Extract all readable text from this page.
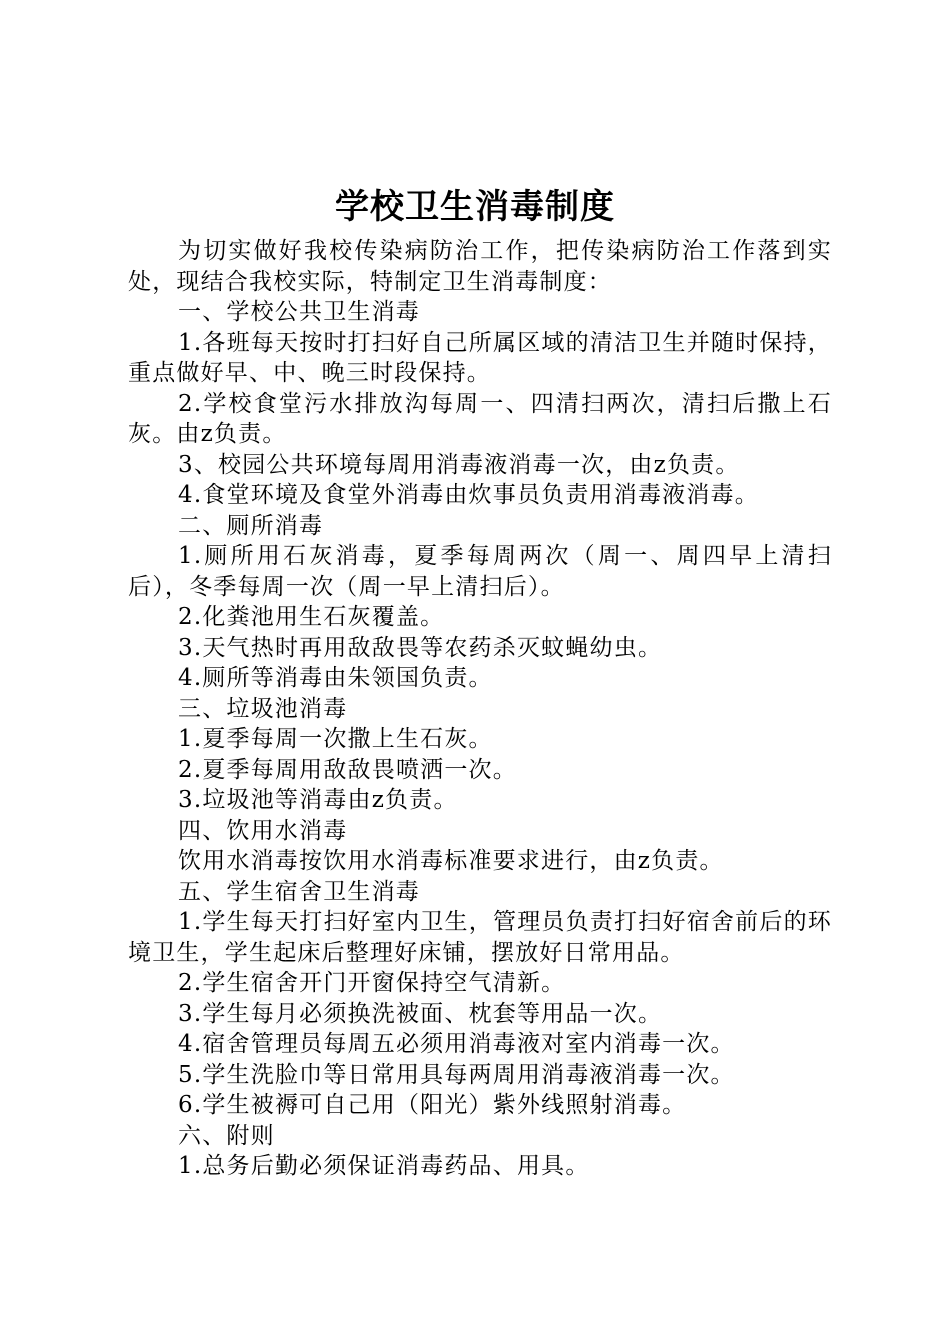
学校卫生消毒制度

为切实做好我校传染病防治工作，把传染病防治工作落到实处，现结合我校实际，特制定卫生消毒制度：

一、学校公共卫生消毒

1.各班每天按时打扫好自己所属区域的清洁卫生并随时保持，重点做好早、中、晚三时段保持。

2.学校食堂污水排放沟每周一、四清扫两次，清扫后撒上石灰。由z负责。

3、校园公共环境每周用消毒液消毒一次，由z负责。

4.食堂环境及食堂外消毒由炊事员负责用消毒液消毒。

二、厕所消毒

1.厕所用石灰消毒，夏季每周两次（周一、周四早上清扫后），冬季每周一次（周一早上清扫后）。

2.化粪池用生石灰覆盖。

3.天气热时再用敌敌畏等农药杀灭蚊蝇幼虫。

4.厕所等消毒由朱领国负责。

三、垃圾池消毒

1.夏季每周一次撒上生石灰。

2.夏季每周用敌敌畏喷洒一次。

3.垃圾池等消毒由z负责。

四、饮用水消毒

饮用水消毒按饮用水消毒标准要求进行，由z负责。

五、学生宿舍卫生消毒

1.学生每天打扫好室内卫生，管理员负责打扫好宿舍前后的环境卫生，学生起床后整理好床铺，摆放好日常用品。

2.学生宿舍开门开窗保持空气清新。

3.学生每月必须换洗被面、枕套等用品一次。

4.宿舍管理员每周五必须用消毒液对室内消毒一次。

5.学生洗脸巾等日常用具每两周用消毒液消毒一次。

6.学生被褥可自己用（阳光）紫外线照射消毒。

六、附则

1.总务后勤必须保证消毒药品、用具。
